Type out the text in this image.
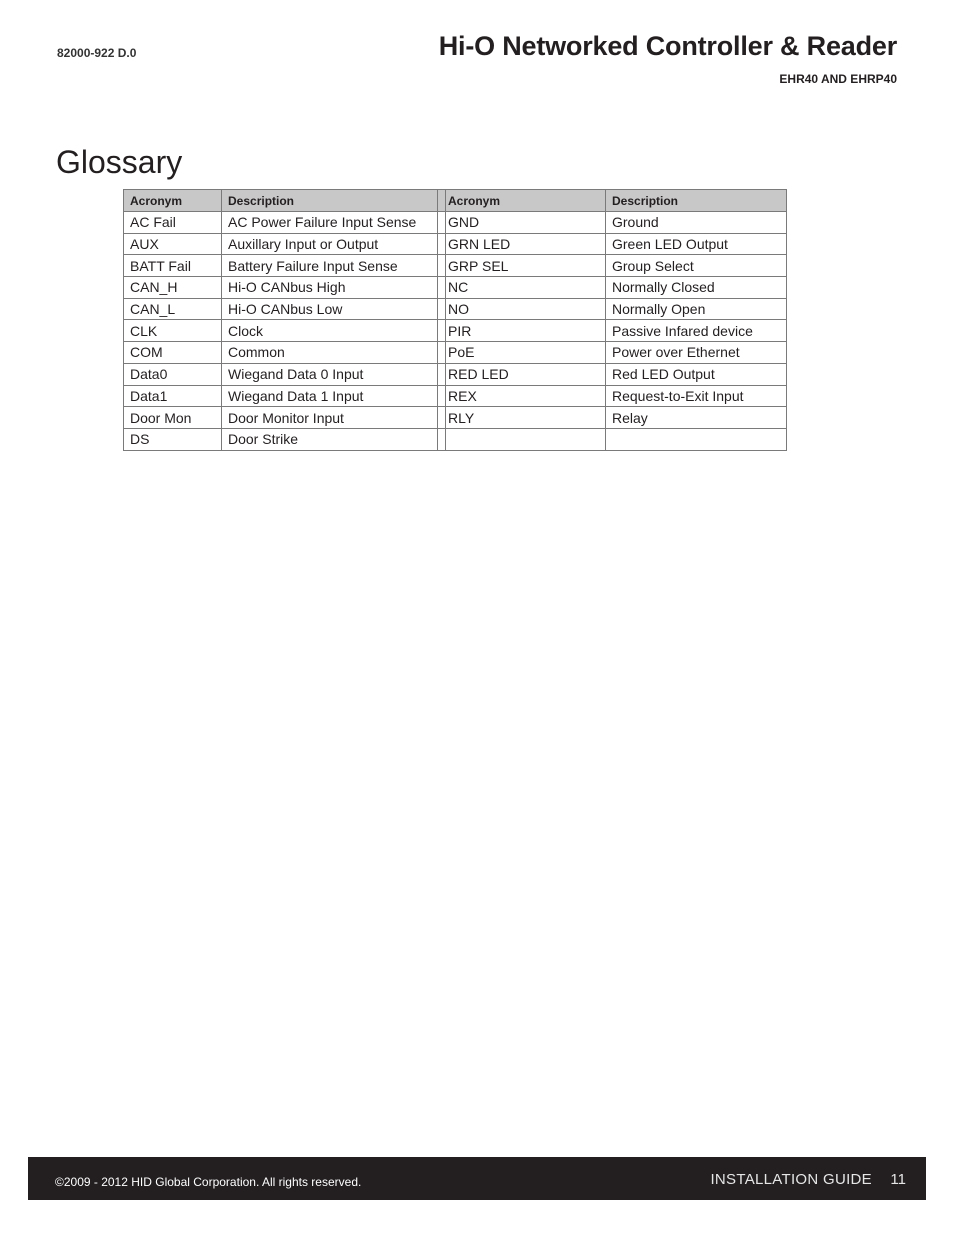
82000-922 D.0	Hi-O Networked Controller & Reader
EHR40 AND EHRP40
Glossary
Acronym	Description		Acronym	Description
AC Fail	AC Power Failure Input Sense		GND	Ground
AUX	Auxillary Input or Output		GRN LED	Green LED Output
BATT Fail	Battery Failure Input Sense		GRP SEL	Group Select
CAN_H	Hi-O CANbus High		NC	Normally Closed
CAN_L	Hi-O CANbus Low		NO	Normally Open
CLK	Clock		PIR	Passive Infared device
COM	Common		PoE	Power over Ethernet
Data0	Wiegand Data 0 Input		RED LED	Red LED Output
Data1	Wiegand Data 1 Input		REX	Request-to-Exit Input
Door Mon	Door Monitor Input		RLY	Relay
DS	Door Strike			
©2009 - 2012 HID Global Corporation. All rights reserved.	INSTALLATION GUIDE 11
